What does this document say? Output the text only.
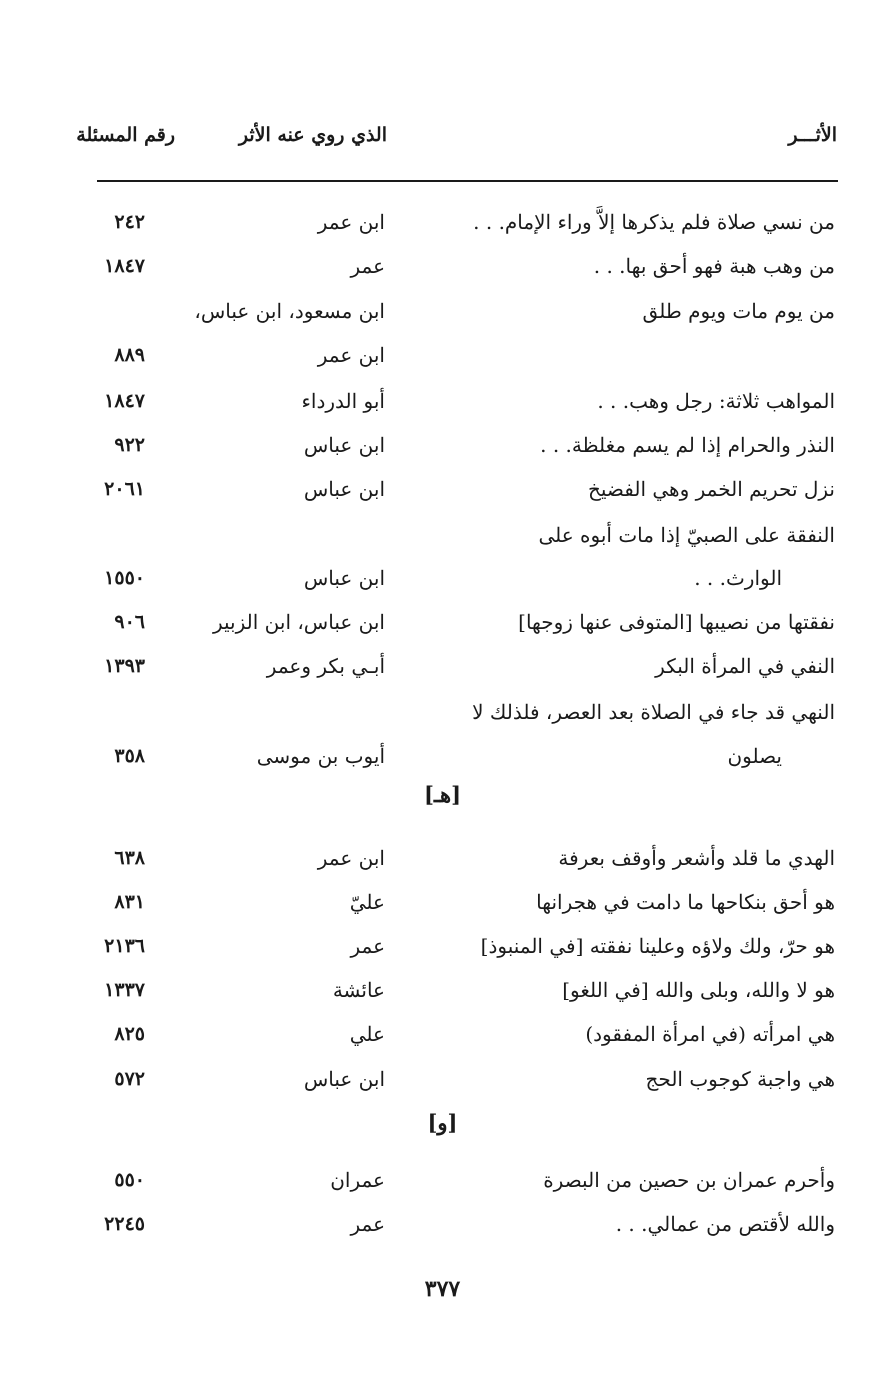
الأثـــر
الذي روي عنه الأثر
رقم المسئلة
من نسي صلاة فلم يذكرها إلاَّ وراء الإمام. . .
ابن عمر
٢٤٢
من وهب هبة فهو أحق بها. . .
عمر
١٨٤٧
من يوم مات ويوم طلق
ابن مسعود، ابن عباس،
ابن عمر
٨٨٩
المواهب ثلاثة: رجل وهب. . .
أبو الدرداء
١٨٤٧
النذر والحرام إذا لم يسم مغلظة. . .
ابن عباس
٩٢٢
نزل تحريم الخمر وهي الفضيخ
ابن عباس
٢٠٦١
النفقة على الصبيّ إذا مات أبوه على
الوارث. . .
ابن عباس
١٥٥٠
نفقتها من نصيبها [المتوفى عنها زوجها]
ابن عباس، ابن الزبير
٩٠٦
النفي في المرأة البكر
أبـي بكر وعمر
١٣٩٣
النهي قد جاء في الصلاة بعد العصر، فلذلك لا
يصلون
أيوب بن موسى
٣٥٨
[هـ]
الهدي ما قلد وأشعر وأوقف بعرفة
ابن عمر
٦٣٨
هو أحق بنكاحها ما دامت في هجرانها
عليّ
٨٣١
هو حرّ، ولك ولاؤه وعلينا نفقته [في المنبوذ]
عمر
٢١٣٦
هو لا والله، وبلى والله [في اللغو]
عائشة
١٣٣٧
هي امرأته (في امرأة المفقود)
علي
٨٢٥
هي واجبة كوجوب الحج
ابن عباس
٥٧٢
[و]
وأحرم عمران بن حصين من البصرة
عمران
٥٥٠
والله لأقتص من عمالي. . .
عمر
٢٢٤٥
٣٧٧
